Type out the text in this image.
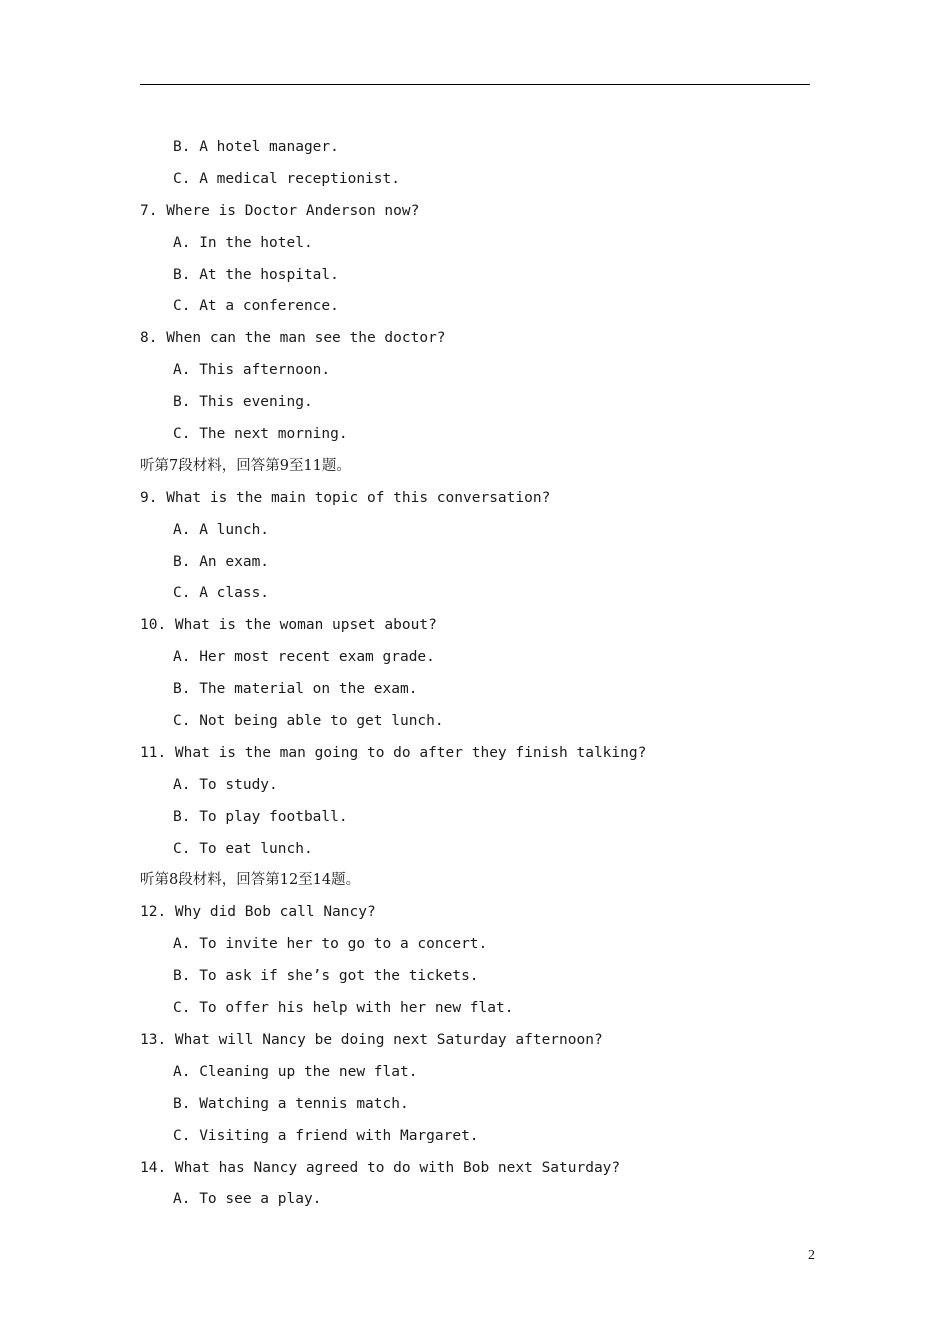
B. A hotel manager.
C. A medical receptionist.
7. Where is Doctor Anderson now?
A. In the hotel.
B. At the hospital.
C. At a conference.
8. When can the man see the doctor?
A. This afternoon.
B. This evening.
C. The next morning.
听第7段材料，回答第9至11题。
9. What is the main topic of this conversation?
A. A lunch.
B. An exam.
C. A class.
10. What is the woman upset about?
A. Her most recent exam grade.
B. The material on the exam.
C. Not being able to get lunch.
11. What is the man going to do after they finish talking?
A. To study.
B. To play football.
C. To eat lunch.
听第8段材料，回答第12至14题。
12. Why did Bob call Nancy?
A. To invite her to go to a concert.
B. To ask if she’s got the tickets.
C. To offer his help with her new flat.
13. What will Nancy be doing next Saturday afternoon?
A. Cleaning up the new flat.
B. Watching a tennis match.
C. Visiting a friend with Margaret.
14. What has Nancy agreed to do with Bob next Saturday?
A. To see a play.
2
